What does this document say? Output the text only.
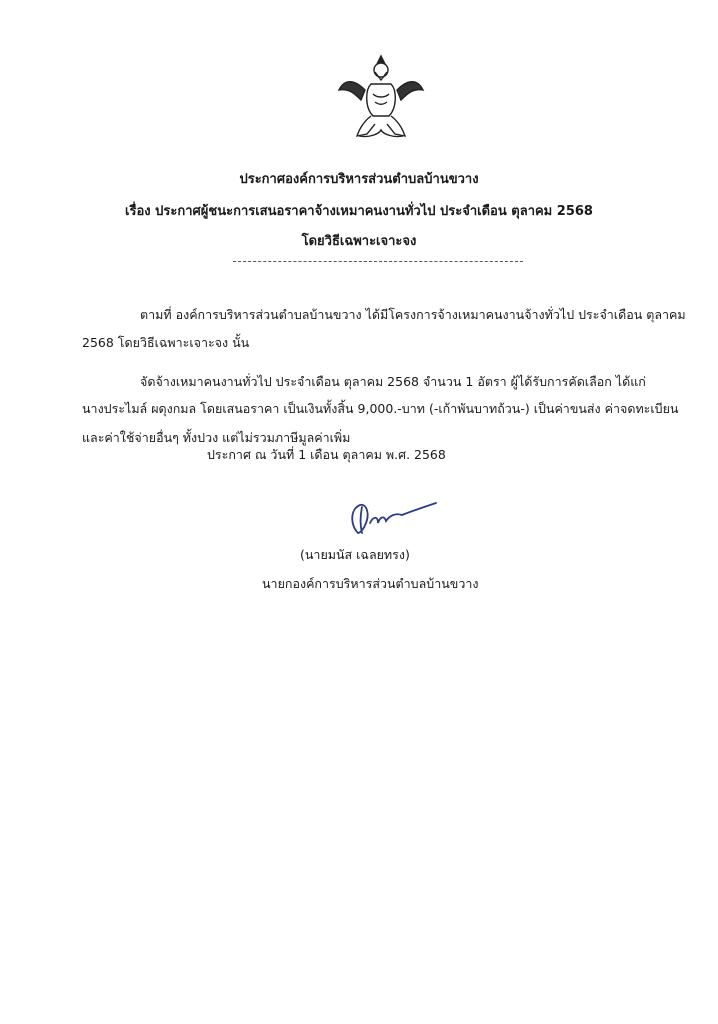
ประกาศองค์การบริหารส่วนตำบลบ้านขวาง
เรื่อง ประกาศผู้ชนะการเสนอราคาจ้างเหมาคนงานทั่วไป ประจำเดือน ตุลาคม 2568
โดยวิธีเฉพาะเจาะจง
ตามที่ องค์การบริหารส่วนตำบลบ้านขวาง ได้มีโครงการจ้างเหมาคนงานจ้างทั่วไป ประจำเดือน ตุลาคม
2568 โดยวิธีเฉพาะเจาะจง นั้น
จัดจ้างเหมาคนงานทั่วไป ประจำเดือน ตุลาคม 2568 จำนวน 1 อัตรา ผู้ได้รับการคัดเลือก ได้แก่
นางประไมล์ ผดุงกมล โดยเสนอราคา เป็นเงินทั้งสิ้น 9,000.-บาท (-เก้าพันบาทถ้วน-) เป็นค่าขนส่ง ค่าจดทะเบียน
และค่าใช้จ่ายอื่นๆ ทั้งปวง แต่ไม่รวมภาษีมูลค่าเพิ่ม
ประกาศ ณ วันที่ 1 เดือน ตุลาคม พ.ศ. 2568
(นายมนัส เฉลยทรง)
นายกองค์การบริหารส่วนตำบลบ้านขวาง
